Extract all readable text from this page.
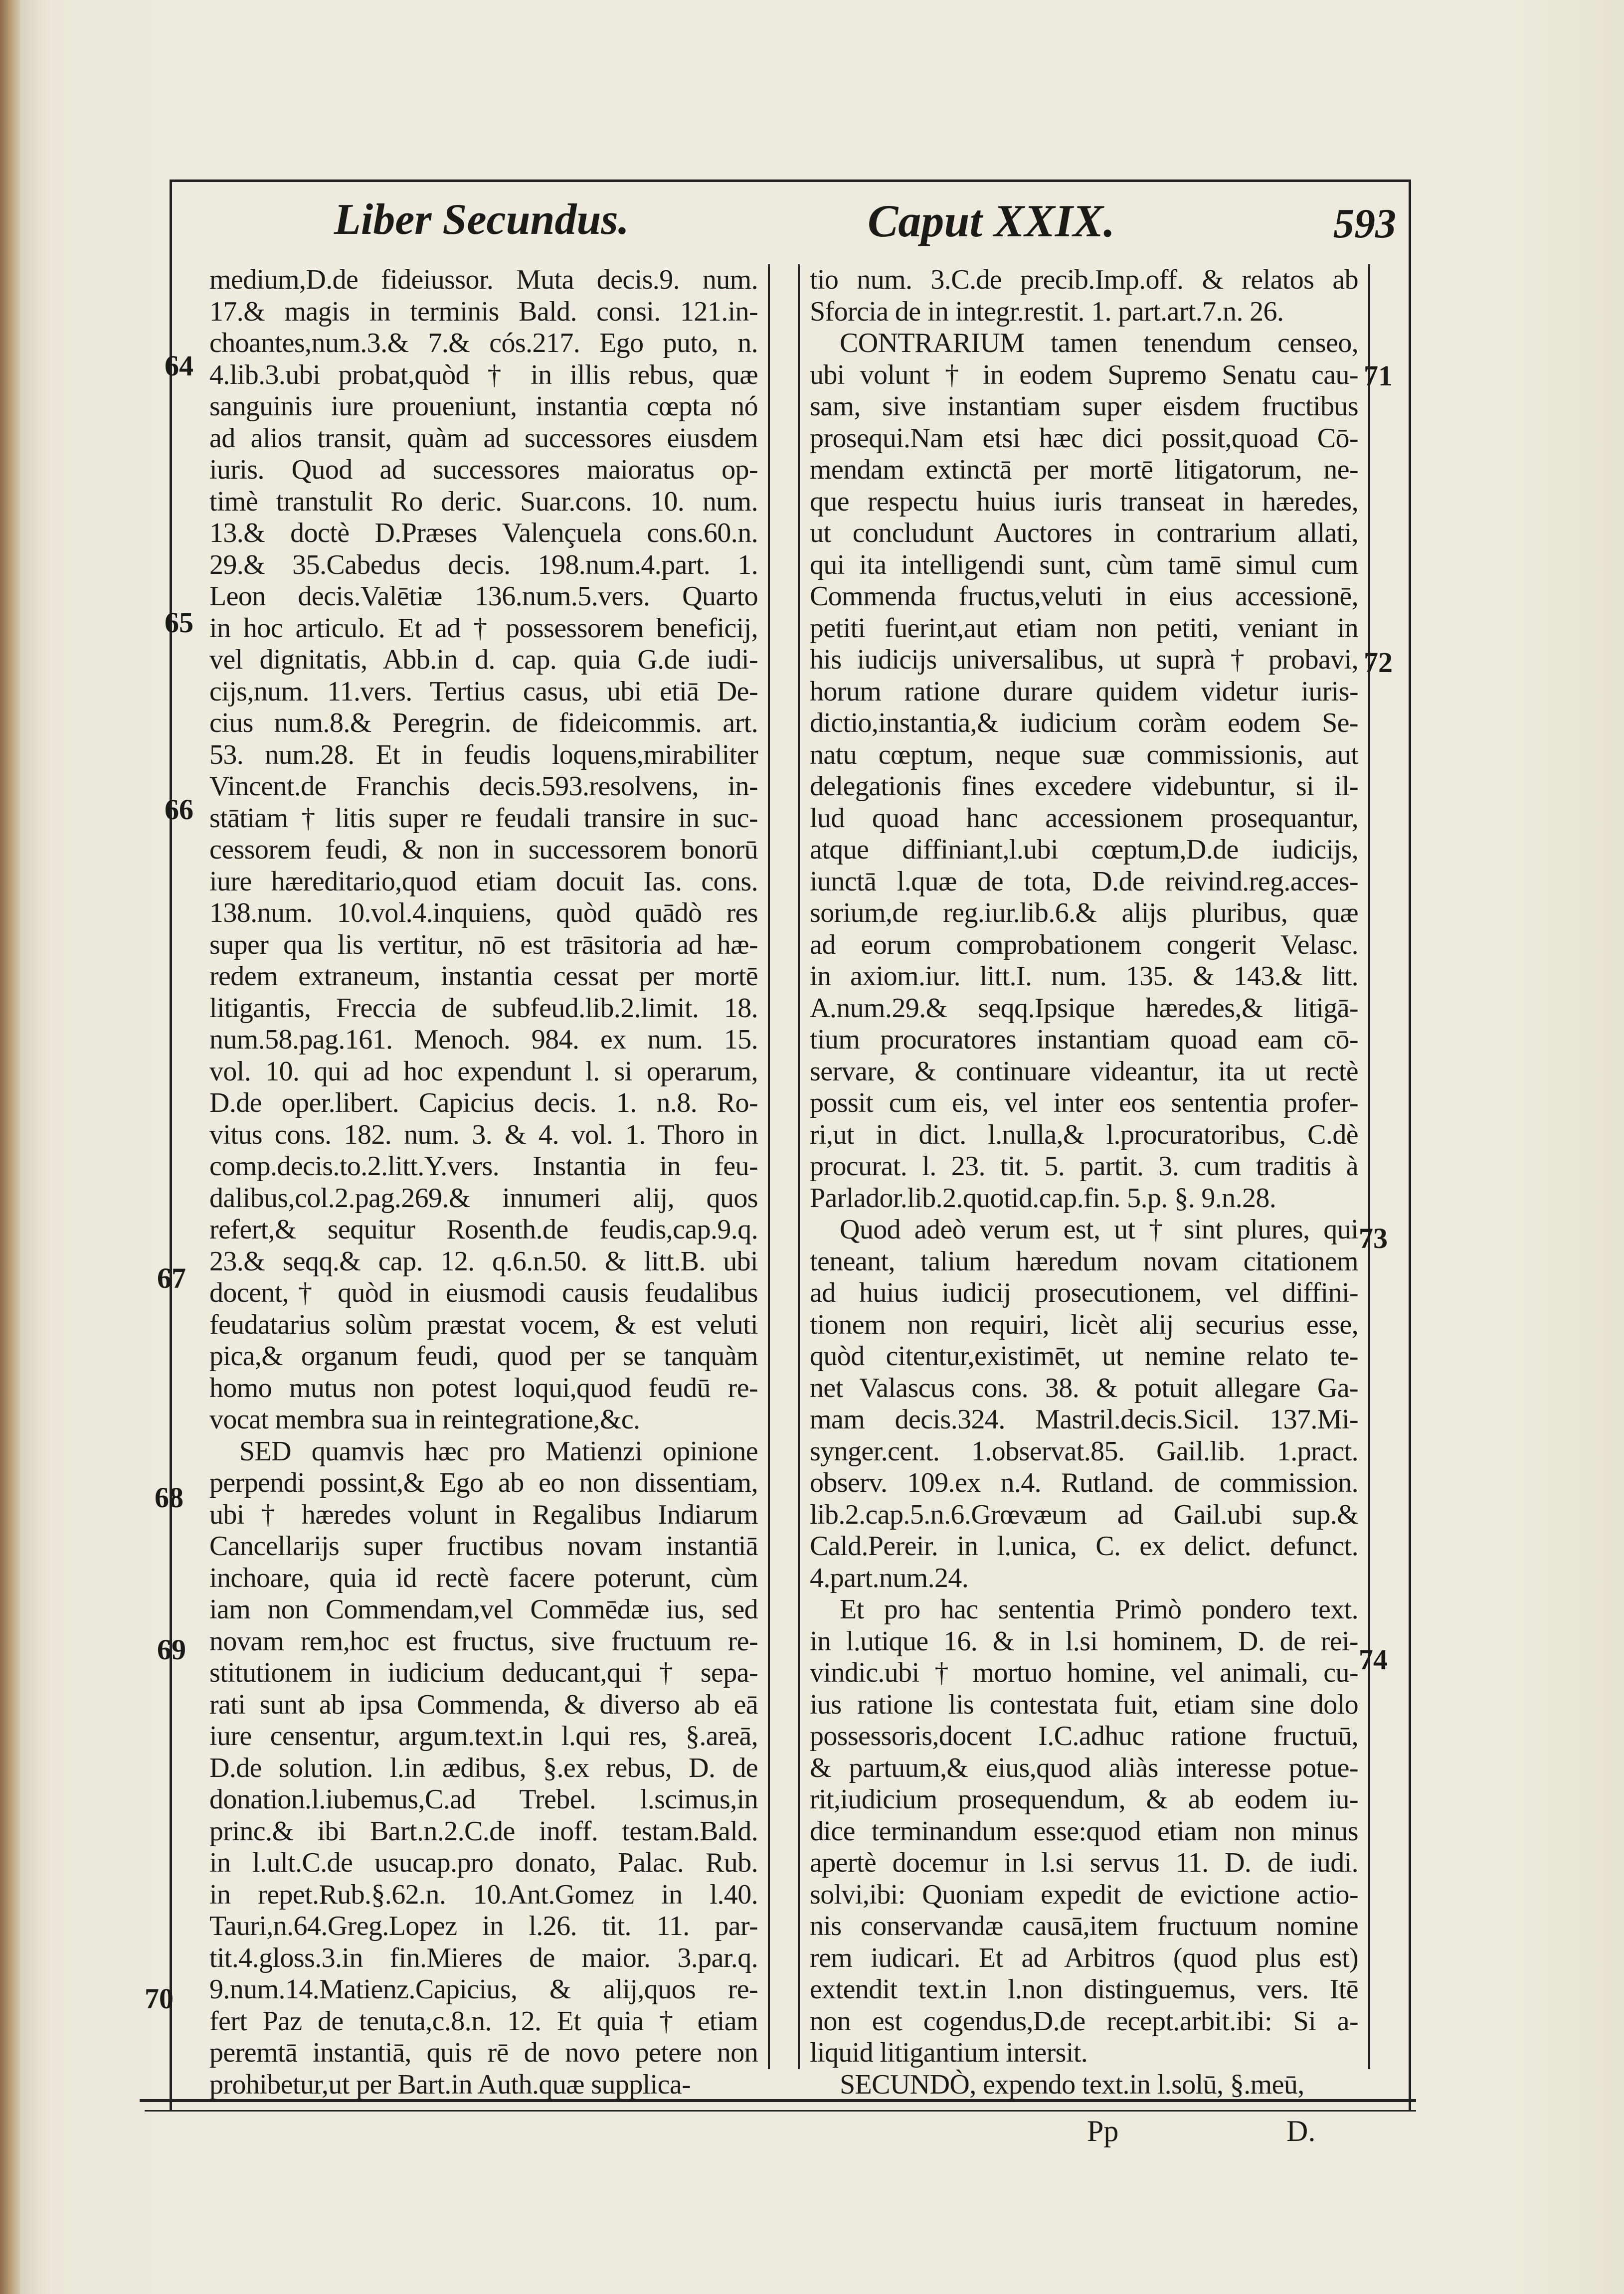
Liber Secundus.	Caput XXIX.	593
medium,D.de fideiussor. Muta decis.9. num.
17.& magis in terminis Bald. consi. 121.in-
choantes,num.3.& 7.& cós.217. Ego puto, n.
4.lib.3.ubi probat,quòd † in illis rebus, quæ
sanguinis iure proueniunt, instantia cœpta nó
ad alios transit, quàm ad successores eiusdem
iuris. Quod ad successores maioratus op-
timè transtulit Ro deric. Suar.cons. 10. num.
13.& doctè D.Præses Valençuela cons.60.n.
29.& 35.Cabedus decis. 198.num.4.part. 1.
Leon decis.Valētiæ 136.num.5.vers. Quarto
in hoc articulo. Et ad † possessorem beneficij,
vel dignitatis, Abb.in d. cap. quia G.de iudi-
cijs,num. 11.vers. Tertius casus, ubi etiā De-
cius num.8.& Peregrin. de fideicommis. art.
53. num.28. Et in feudis loquens,mirabiliter
Vincent.de Franchis decis.593.resolvens, in-
stātiam † litis super re feudali transire in suc-
cessorem feudi, & non in successorem bonorū
iure hæreditario,quod etiam docuit Ias. cons.
138.num. 10.vol.4.inquiens, quòd quādò res
super qua lis vertitur, nō est trāsitoria ad hæ-
redem extraneum, instantia cessat per mortē
litigantis, Freccia de subfeud.lib.2.limit. 18.
num.58.pag.161. Menoch. 984. ex num. 15.
vol. 10. qui ad hoc expendunt l. si operarum,
D.de oper.libert. Capicius decis. 1. n.8. Ro-
vitus cons. 182. num. 3. & 4. vol. 1. Thoro in
comp.decis.to.2.litt.Y.vers. Instantia in feu-
dalibus,col.2.pag.269.& innumeri alij, quos
refert,& sequitur Rosenth.de feudis,cap.9.q.
23.& seqq.& cap. 12. q.6.n.50. & litt.B. ubi
docent,† quòd in eiusmodi causis feudalibus
feudatarius solùm præstat vocem, & est veluti
pica,& organum feudi, quod per se tanquàm
homo mutus non potest loqui,quod feudū re-
vocat membra sua in reintegratione,&c.
SED quamvis hæc pro Matienzi opinione
perpendi possint,& Ego ab eo non dissentiam,
ubi † hæredes volunt in Regalibus Indiarum
Cancellarijs super fructibus novam instantiā
inchoare, quia id rectè facere poterunt, cùm
iam non Commendam,vel Commēdæ ius, sed
novam rem,hoc est fructus, sive fructuum re-
stitutionem in iudicium deducant,qui † sepa-
rati sunt ab ipsa Commenda, & diverso ab eā
iure censentur, argum.text.in l.qui res, §.areā,
D.de solution. l.in ædibus, §.ex rebus, D. de
donation.l.iubemus,C.ad Trebel. l.scimus,in
princ.& ibi Bart.n.2.C.de inoff. testam.Bald.
in l.ult.C.de usucap.pro donato, Palac. Rub.
in repet.Rub.§.62.n. 10.Ant.Gomez in l.40.
Tauri,n.64.Greg.Lopez in l.26. tit. 11. par-
tit.4.gloss.3.in fin.Mieres de maior. 3.par.q.
9.num.14.Matienz.Capicius, & alij,quos re-
fert Paz de tenuta,c.8.n. 12. Et quia † etiam
peremtā instantiā, quis rē de novo petere non
prohibetur,ut per Bart.in Auth.quæ supplica-
tio num. 3.C.de precib.Imp.off. & relatos ab
Sforcia de in integr.restit. 1. part.art.7.n. 26.
CONTRARIUM tamen tenendum censeo,
ubi volunt † in eodem Supremo Senatu cau-
sam, sive instantiam super eisdem fructibus
prosequi.Nam etsi hæc dici possit,quoad Cō-
mendam extinctā per mortē litigatorum, ne-
que respectu huius iuris transeat in hæredes,
ut concludunt Auctores in contrarium allati,
qui ita intelligendi sunt, cùm tamē simul cum
Commenda fructus,veluti in eius accessionē,
petiti fuerint,aut etiam non petiti, veniant in
his iudicijs universalibus, ut suprà † probavi,
horum ratione durare quidem videtur iuris-
dictio,instantia,& iudicium coràm eodem Se-
natu cœptum, neque suæ commissionis, aut
delegationis fines excedere videbuntur, si il-
lud quoad hanc accessionem prosequantur,
atque diffiniant,l.ubi cœptum,D.de iudicijs,
iunctā l.quæ de tota, D.de reivind.reg.acces-
sorium,de reg.iur.lib.6.& alijs pluribus, quæ
ad eorum comprobationem congerit Velasc.
in axiom.iur. litt.I. num. 135. & 143.& litt.
A.num.29.& seqq.Ipsique hæredes,& litigā-
tium procuratores instantiam quoad eam cō-
servare, & continuare videantur, ita ut rectè
possit cum eis, vel inter eos sententia profer-
ri,ut in dict. l.nulla,& l.procuratoribus, C.dè
procurat. l. 23. tit. 5. partit. 3. cum traditis à
Parlador.lib.2.quotid.cap.fin. 5.p. §. 9.n.28.
Quod adeò verum est, ut † sint plures, qui
teneant, talium hæredum novam citationem
ad huius iudicij prosecutionem, vel diffini-
tionem non requiri, licèt alij securius esse,
quòd citentur,existimēt, ut nemine relato te-
net Valascus cons. 38. & potuit allegare Ga-
mam decis.324. Mastril.decis.Sicil. 137.Mi-
synger.cent. 1.observat.85. Gail.lib. 1.pract.
observ. 109.ex n.4. Rutland. de commission.
lib.2.cap.5.n.6.Grœvæum ad Gail.ubi sup.&
Cald.Pereir. in l.unica, C. ex delict. defunct.
4.part.num.24.
Et pro hac sententia Primò pondero text.
in l.utique 16. & in l.si hominem, D. de rei-
vindic.ubi † mortuo homine, vel animali, cu-
ius ratione lis contestata fuit, etiam sine dolo
possessoris,docent I.C.adhuc ratione fructuū,
& partuum,& eius,quod aliàs interesse potue-
rit,iudicium prosequendum, & ab eodem iu-
dice terminandum esse:quod etiam non minus
apertè docemur in l.si servus 11. D. de iudi.
solvi,ibi: Quoniam expedit de evictione actio-
nis conservandæ causā,item fructuum nomine
rem iudicari. Et ad Arbitros (quod plus est)
extendit text.in l.non distinguemus, vers. Itē
non est cogendus,D.de recept.arbit.ibi: Si a-
liquid litigantium intersit.
SECUNDÒ, expendo text.in l.solū, §.meū,
64
65
66
67
68
69
70
71
72
73
74
Pp	D.
